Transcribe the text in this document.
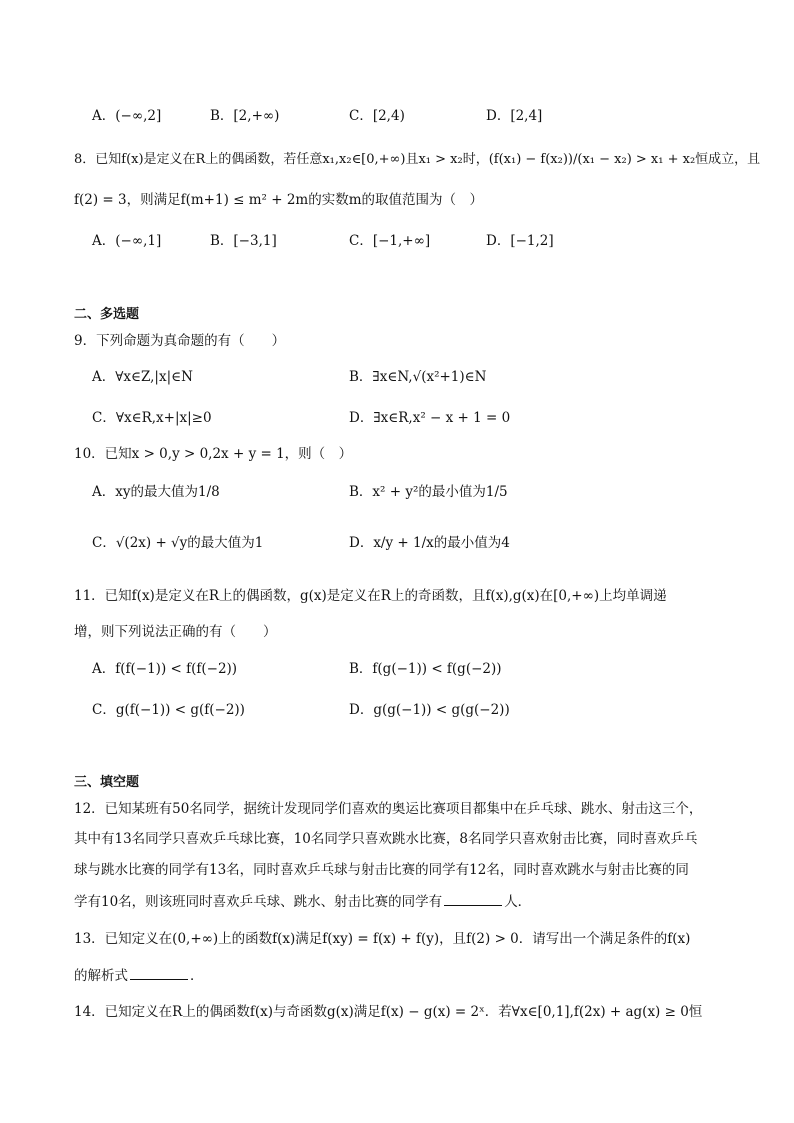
A．(−∞,2]	B．[2,+∞)	C．[2,4)	D．[2,4]
8．已知f(x)是定义在R上的偶函数，若任意x₁,x₂∈[0,+∞)且x₁ > x₂时，(f(x₁) − f(x₂))/(x₁ − x₂) > x₁ + x₂恒成立，且
f(2) = 3，则满足f(m+1) ≤ m² + 2m的实数m的取值范围为（　）
A．(−∞,1]	B．[−3,1]	C．[−1,+∞]	D．[−1,2]
二、多选题
9．下列命题为真命题的有（　　）
A．∀x∈Z,|x|∈N	B．∃x∈N,√(x²+1)∈N
C．∀x∈R,x+|x|≥0	D．∃x∈R,x² − x + 1 = 0
10．已知x > 0,y > 0,2x + y = 1，则（　）
A．xy的最大值为1/8	B．x² + y²的最小值为1/5
C．√(2x) + √y的最大值为1	D．x/y + 1/x的最小值为4
11．已知f(x)是定义在R上的偶函数，g(x)是定义在R上的奇函数，且f(x),g(x)在[0,+∞)上均单调递
增，则下列说法正确的有（　　）
A．f(f(−1)) < f(f(−2))	B．f(g(−1)) < f(g(−2))
C．g(f(−1)) < g(f(−2))	D．g(g(−1)) < g(g(−2))
三、填空题
12．已知某班有50名同学，据统计发现同学们喜欢的奥运比赛项目都集中在乒乓球、跳水、射击这三个，
其中有13名同学只喜欢乒乓球比赛，10名同学只喜欢跳水比赛，8名同学只喜欢射击比赛，同时喜欢乒乓
球与跳水比赛的同学有13名，同时喜欢乒乓球与射击比赛的同学有12名，同时喜欢跳水与射击比赛的同
学有10名，则该班同时喜欢乒乓球、跳水、射击比赛的同学有	人．
13．已知定义在(0,+∞)上的函数f(x)满足f(xy) = f(x) + f(y)，且f(2) > 0．请写出一个满足条件的f(x)
的解析式	．
14．已知定义在R上的偶函数f(x)与奇函数g(x)满足f(x) − g(x) = 2ˣ．若∀x∈[0,1],f(2x) + ag(x) ≥ 0恒
